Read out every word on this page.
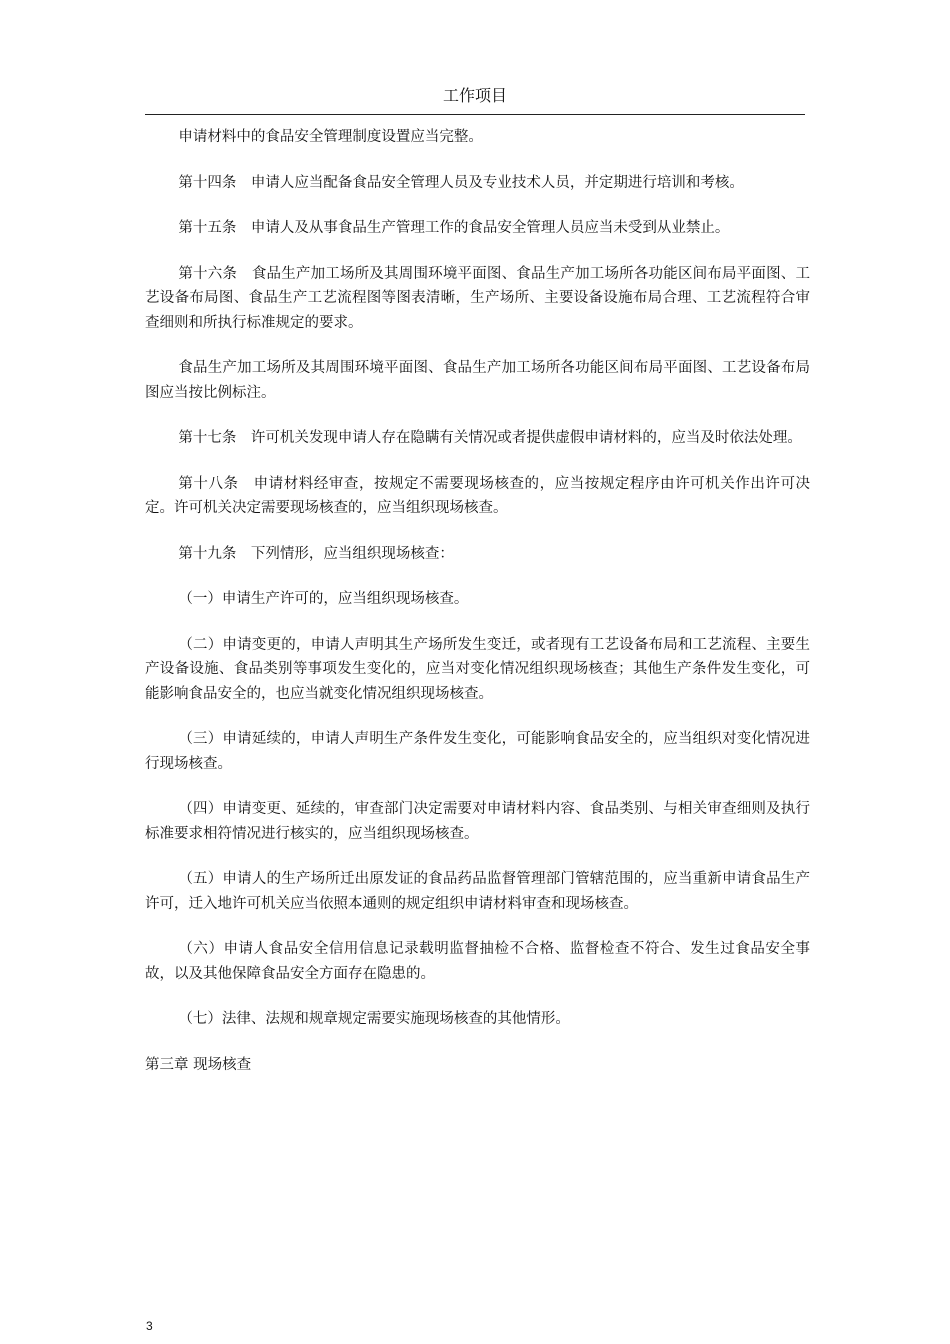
工作项目

申请材料中的食品安全管理制度设置应当完整。

第十四条　申请人应当配备食品安全管理人员及专业技术人员，并定期进行培训和考核。

第十五条　申请人及从事食品生产管理工作的食品安全管理人员应当未受到从业禁止。

第十六条　食品生产加工场所及其周围环境平面图、食品生产加工场所各功能区间布局平面图、工艺设备布局图、食品生产工艺流程图等图表清晰，生产场所、主要设备设施布局合理、工艺流程符合审查细则和所执行标准规定的要求。

食品生产加工场所及其周围环境平面图、食品生产加工场所各功能区间布局平面图、工艺设备布局图应当按比例标注。

第十七条　许可机关发现申请人存在隐瞒有关情况或者提供虚假申请材料的，应当及时依法处理。

第十八条　申请材料经审查，按规定不需要现场核查的，应当按规定程序由许可机关作出许可决定。许可机关决定需要现场核查的，应当组织现场核查。

第十九条　下列情形，应当组织现场核查：

（一）申请生产许可的，应当组织现场核查。

（二）申请变更的，申请人声明其生产场所发生变迁，或者现有工艺设备布局和工艺流程、主要生产设备设施、食品类别等事项发生变化的，应当对变化情况组织现场核查；其他生产条件发生变化，可能影响食品安全的，也应当就变化情况组织现场核查。

（三）申请延续的，申请人声明生产条件发生变化，可能影响食品安全的，应当组织对变化情况进行现场核查。

（四）申请变更、延续的，审查部门决定需要对申请材料内容、食品类别、与相关审查细则及执行标准要求相符情况进行核实的，应当组织现场核查。

（五）申请人的生产场所迁出原发证的食品药品监督管理部门管辖范围的，应当重新申请食品生产许可，迁入地许可机关应当依照本通则的规定组织申请材料审查和现场核查。

（六）申请人食品安全信用信息记录载明监督抽检不合格、监督检查不符合、发生过食品安全事故，以及其他保障食品安全方面存在隐患的。

（七）法律、法规和规章规定需要实施现场核查的其他情形。

第三章 现场核查

3
